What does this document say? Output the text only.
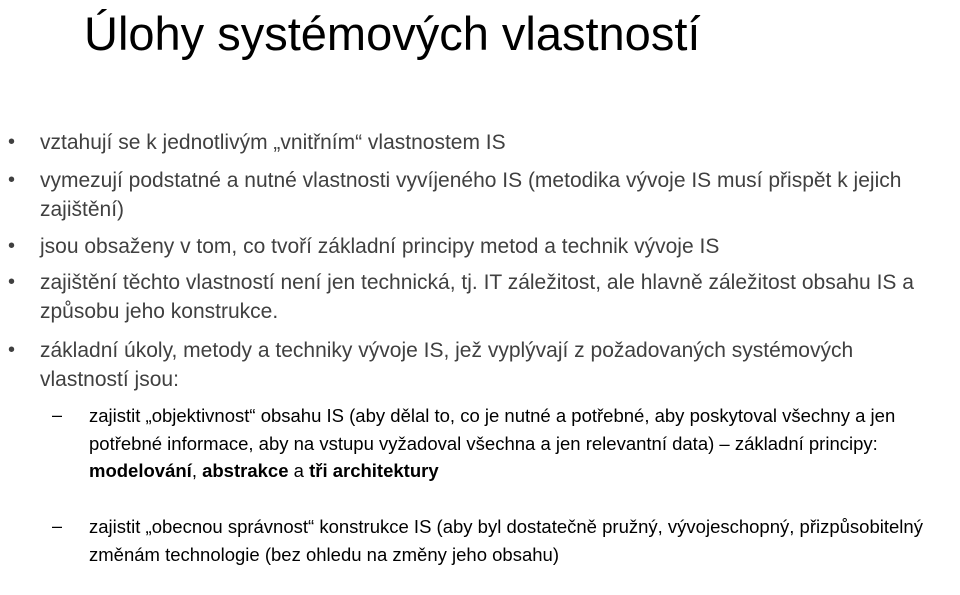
Úlohy systémových vlastností

• vztahují se k jednotlivým „vnitřním“ vlastnostem IS

• vymezují podstatné a nutné vlastnosti vyvíjeného IS (metodika vývoje IS musí přispět k jejich zajištění)

• jsou obsaženy v tom, co tvoří základní principy metod a technik vývoje IS

• zajištění těchto vlastností není jen technická, tj. IT záležitost, ale hlavně záležitost obsahu IS a způsobu jeho konstrukce.

• základní úkoly, metody a techniky vývoje IS, jež vyplývají z požadovaných systémových vlastností jsou:

– zajistit „objektivnost“ obsahu IS (aby dělal to, co je nutné a potřebné, aby poskytoval všechny a jen potřebné informace, aby na vstupu vyžadoval všechna a jen relevantní data) – základní principy: modelování, abstrakce a tři architektury

– zajistit „obecnou správnost“ konstrukce IS (aby byl dostatečně pružný, vývojeschopný, přizpůsobitelný změnám technologie (bez ohledu na změny jeho obsahu)
